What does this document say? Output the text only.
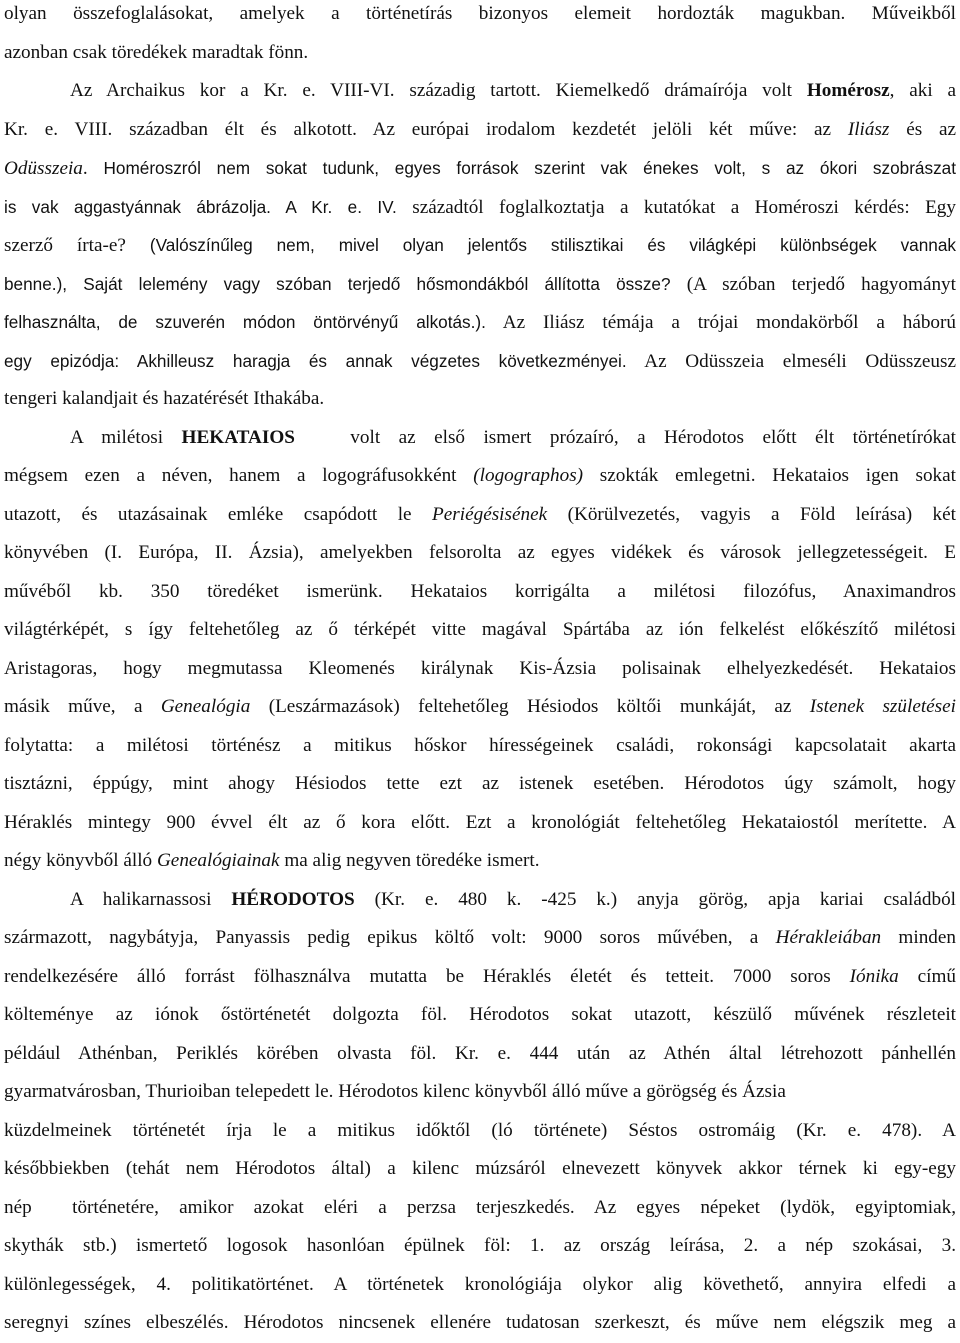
olyan összefoglalásokat, amelyek a történetírás bizonyos elemeit hordozták magukban. Műveikből
azonban csak töredékek maradtak fönn.
Az Archaikus kor a Kr. e. VIII-VI. századig tartott. Kiemelkedő drámaírója volt Homérosz, aki a
Kr. e. VIII. században élt és alkotott. Az európai irodalom kezdetét jelöli két műve: az Iliász és az
Odüsszeia. Homéroszról nem sokat tudunk, egyes források szerint vak énekes volt, s az ókori szobrászat
is vak aggastyánnak ábrázolja. A Kr. e. IV. századtól foglalkoztatja a kutatókat a Homéroszi kérdés: Egy
szerző írta-e? (Valószínűleg nem, mivel olyan jelentős stilisztikai és világképi különbségek vannak
benne.), Saját lelemény vagy szóban terjedő hősmondákból állította össze? (A szóban terjedő hagyományt
felhasználta, de szuverén módon öntörvényű alkotás.). Az Iliász témája a trójai mondakörből a háború
egy epizódja: Akhilleusz haragja és annak végzetes következményei. Az Odüsszeia elmeséli Odüsszeusz
tengeri kalandjait és hazatérését Ithakába.
A milétosi HEKATAIOS   volt az első ismert prózaíró, a Hérodotos előtt élt történetírókat
mégsem ezen a néven, hanem a logográfusokként (logographos) szokták emlegetni. Hekataios igen sokat
utazott, és utazásainak emléke csapódott le Periégésisének (Körülvezetés, vagyis a Föld leírása) két
könyvében (I. Európa, II. Ázsia), amelyekben felsorolta az egyes vidékek és városok jellegzetességeit. E
művéből kb. 350 töredéket ismerünk. Hekataios korrigálta a milétosi filozófus, Anaximandros
világtérképét, s így feltehetőleg az ő térképét vitte magával Spártába az ión felkelést előkészítő milétosi
Aristagoras, hogy megmutassa Kleomenés királynak Kis-Ázsia polisainak elhelyezkedését. Hekataios
másik műve, a Genealógia (Leszármazások) feltehetőleg Hésiodos költői munkáját, az Istenek születései
folytatta: a milétosi történész a mitikus hőskor hírességeinek családi, rokonsági kapcsolatait akarta
tisztázni, éppúgy, mint ahogy Hésiodos tette ezt az istenek esetében. Hérodotos úgy számolt, hogy
Héraklés mintegy 900 évvel élt az ő kora előtt. Ezt a kronológiát feltehetőleg Hekataiostól merítette. A
négy könyvből álló Genealógiainak ma alig negyven töredéke ismert.
A halikarnassosi HÉRODOTOS (Kr. e. 480 k. -425 k.) anyja görög, apja kariai családból
származott, nagybátyja, Panyassis pedig epikus költő volt: 9000 soros művében, a Hérakleiában minden
rendelkezésére álló forrást fölhasználva mutatta be Héraklés életét és tetteit. 7000 soros Iónika című
költeménye az iónok őstörténetét dolgozta föl. Hérodotos sokat utazott, készülő művének részleteit
például Athénban, Periklés körében olvasta föl. Kr. e. 444 után az Athén által létrehozott pánhellén
gyarmatvárosban, Thurioiban telepedett le. Hérodotos kilenc könyvből álló műve a görögség és Ázsia
küzdelmeinek történetét írja le a mitikus időktől (ló története) Séstos ostromáig (Kr. e. 478). A
későbbiekben (tehát nem Hérodotos által) a kilenc múzsáról elnevezett könyvek akkor térnek ki egy-egy
nép  történetére, amikor azokat eléri a perzsa terjeszkedés. Az egyes népeket (lydök, egyiptomiak,
skythák stb.) ismertető logosok hasonlóan épülnek föl: 1. az ország leírása, 2. a nép szokásai, 3.
különlegességek, 4. politikatörténet. A történetek kronológiája olykor alig követhető, annyira elfedi a
seregnyi színes elbeszélés. Hérodotos nincsenek ellenére tudatosan szerkeszt, és műve nem elégszik meg a
